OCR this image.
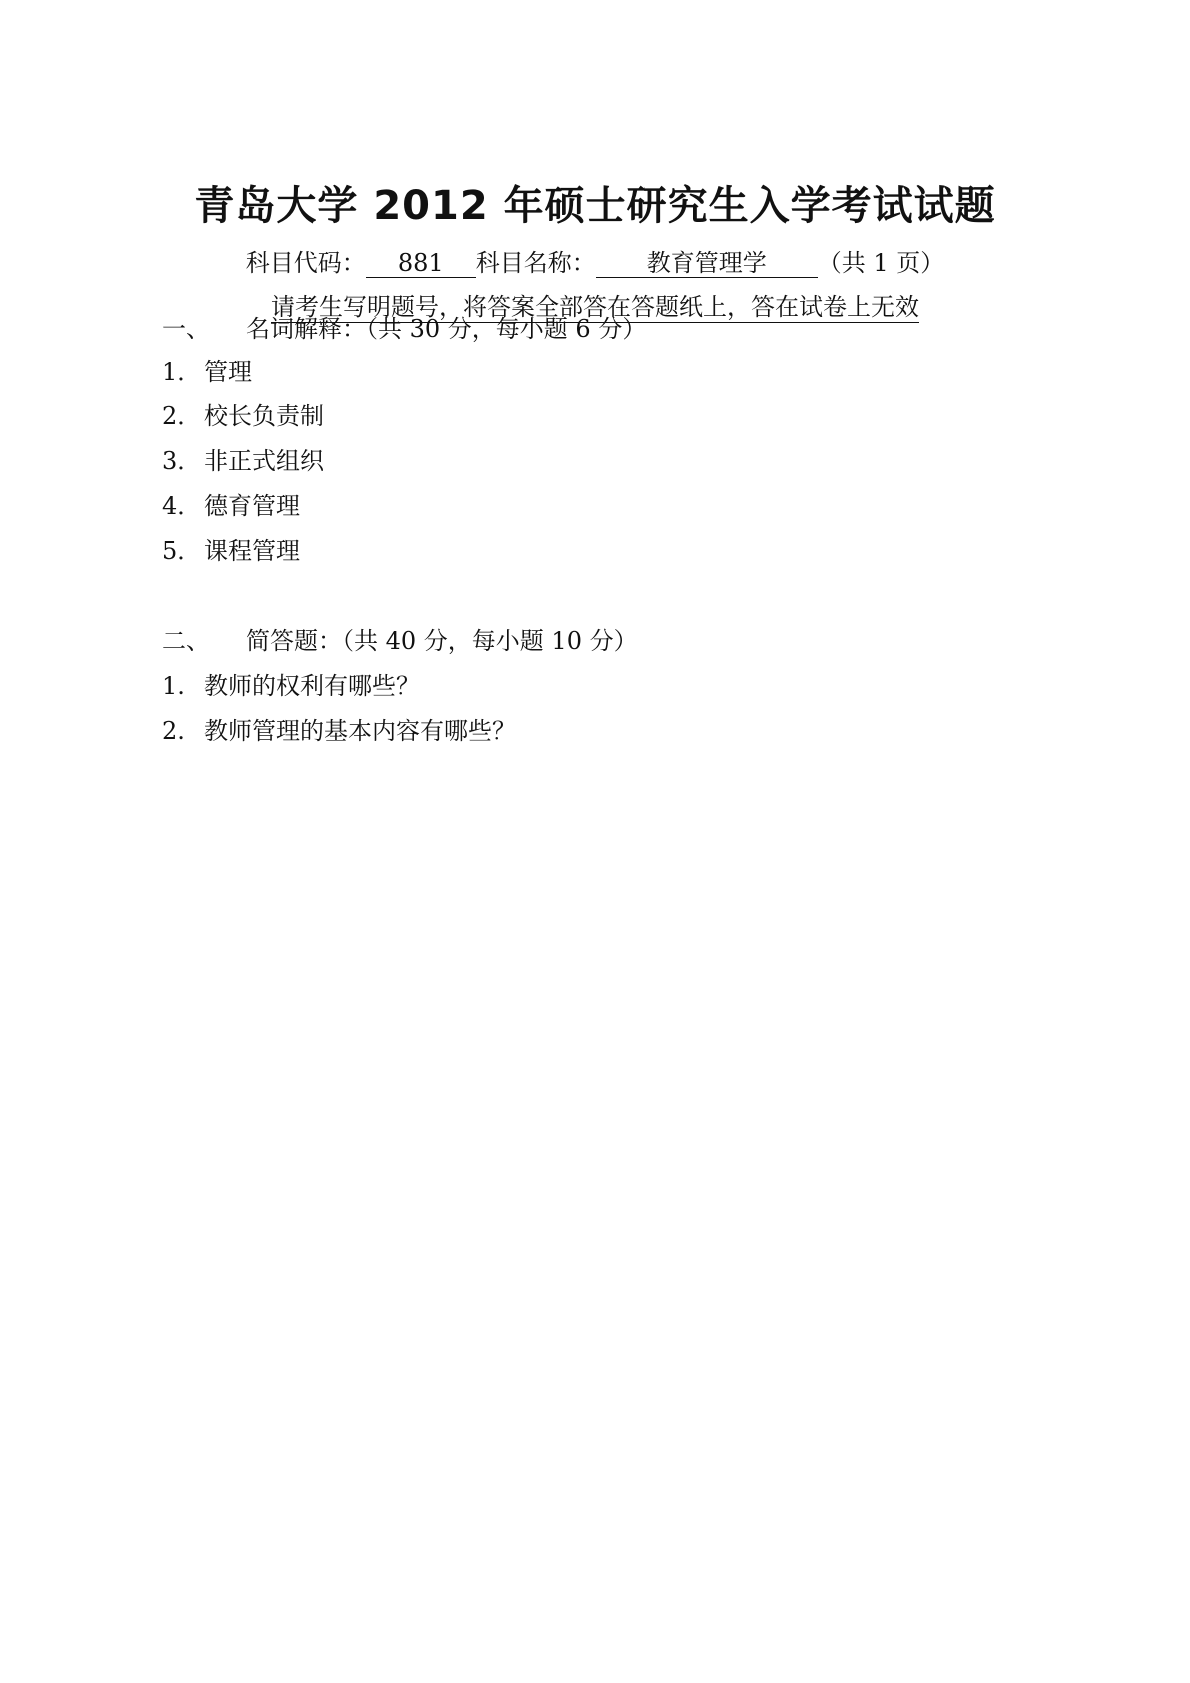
青岛大学 2012 年硕士研究生入学考试试题
科目代码： 881 科目名称： 教育管理学 （共 1 页）
请考生写明题号，将答案全部答在答题纸上，答在试卷上无效
一、 名词解释：（共 30 分，每小题 6 分）
1． 管理
2． 校长负责制
3． 非正式组织
4． 德育管理
5． 课程管理
二、 简答题：（共 40 分，每小题 10 分）
1. 教师的权利有哪些？
2. 教师管理的基本内容有哪些？
